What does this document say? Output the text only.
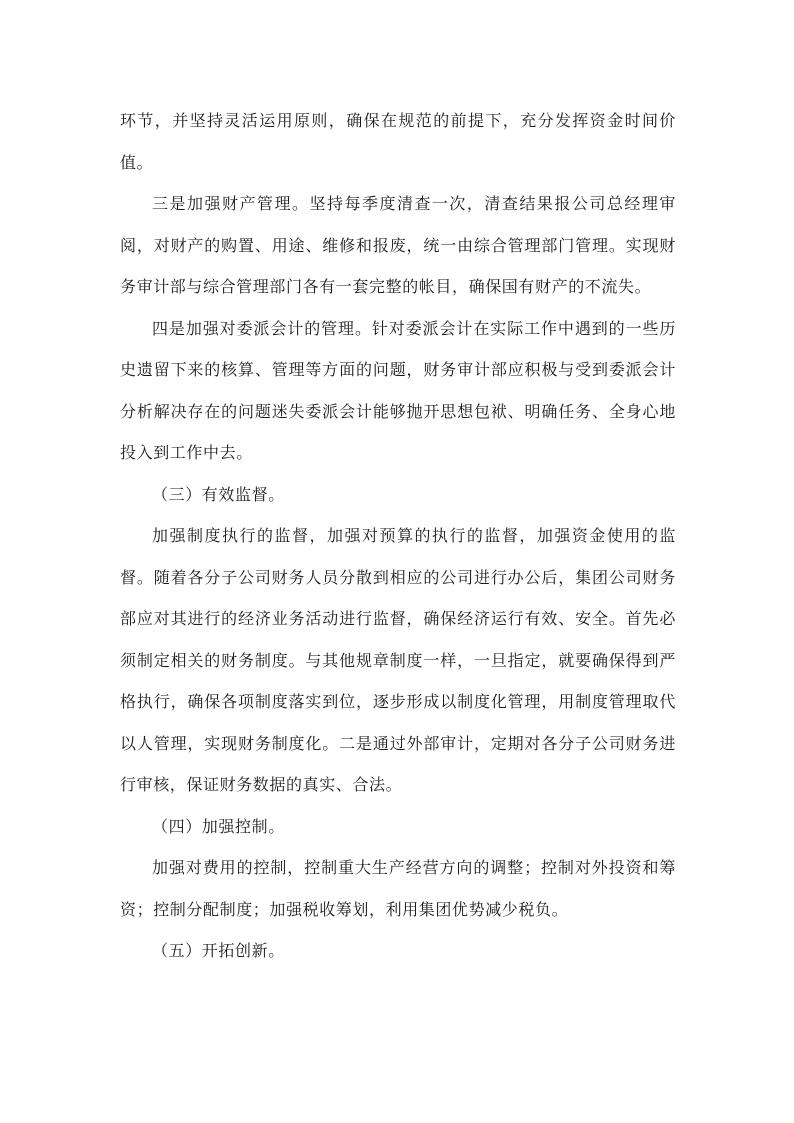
环节，并坚持灵活运用原则，确保在规范的前提下，充分发挥资金时间价值。

三是加强财产管理。坚持每季度清查一次，清查结果报公司总经理审阅，对财产的购置、用途、维修和报废，统一由综合管理部门管理。实现财务审计部与综合管理部门各有一套完整的帐目，确保国有财产的不流失。

四是加强对委派会计的管理。针对委派会计在实际工作中遇到的一些历史遗留下来的核算、管理等方面的问题，财务审计部应积极与受到委派会计分析解决存在的问题迷失委派会计能够抛开思想包袱、明确任务、全身心地投入到工作中去。

（三）有效监督。

加强制度执行的监督，加强对预算的执行的监督，加强资金使用的监督。随着各分子公司财务人员分散到相应的公司进行办公后，集团公司财务部应对其进行的经济业务活动进行监督，确保经济运行有效、安全。首先必须制定相关的财务制度。与其他规章制度一样，一旦指定，就要确保得到严格执行，确保各项制度落实到位，逐步形成以制度化管理，用制度管理取代以人管理，实现财务制度化。二是通过外部审计，定期对各分子公司财务进行审核，保证财务数据的真实、合法。

（四）加强控制。

加强对费用的控制，控制重大生产经营方向的调整；控制对外投资和筹资；控制分配制度；加强税收筹划，利用集团优势减少税负。

（五）开拓创新。
